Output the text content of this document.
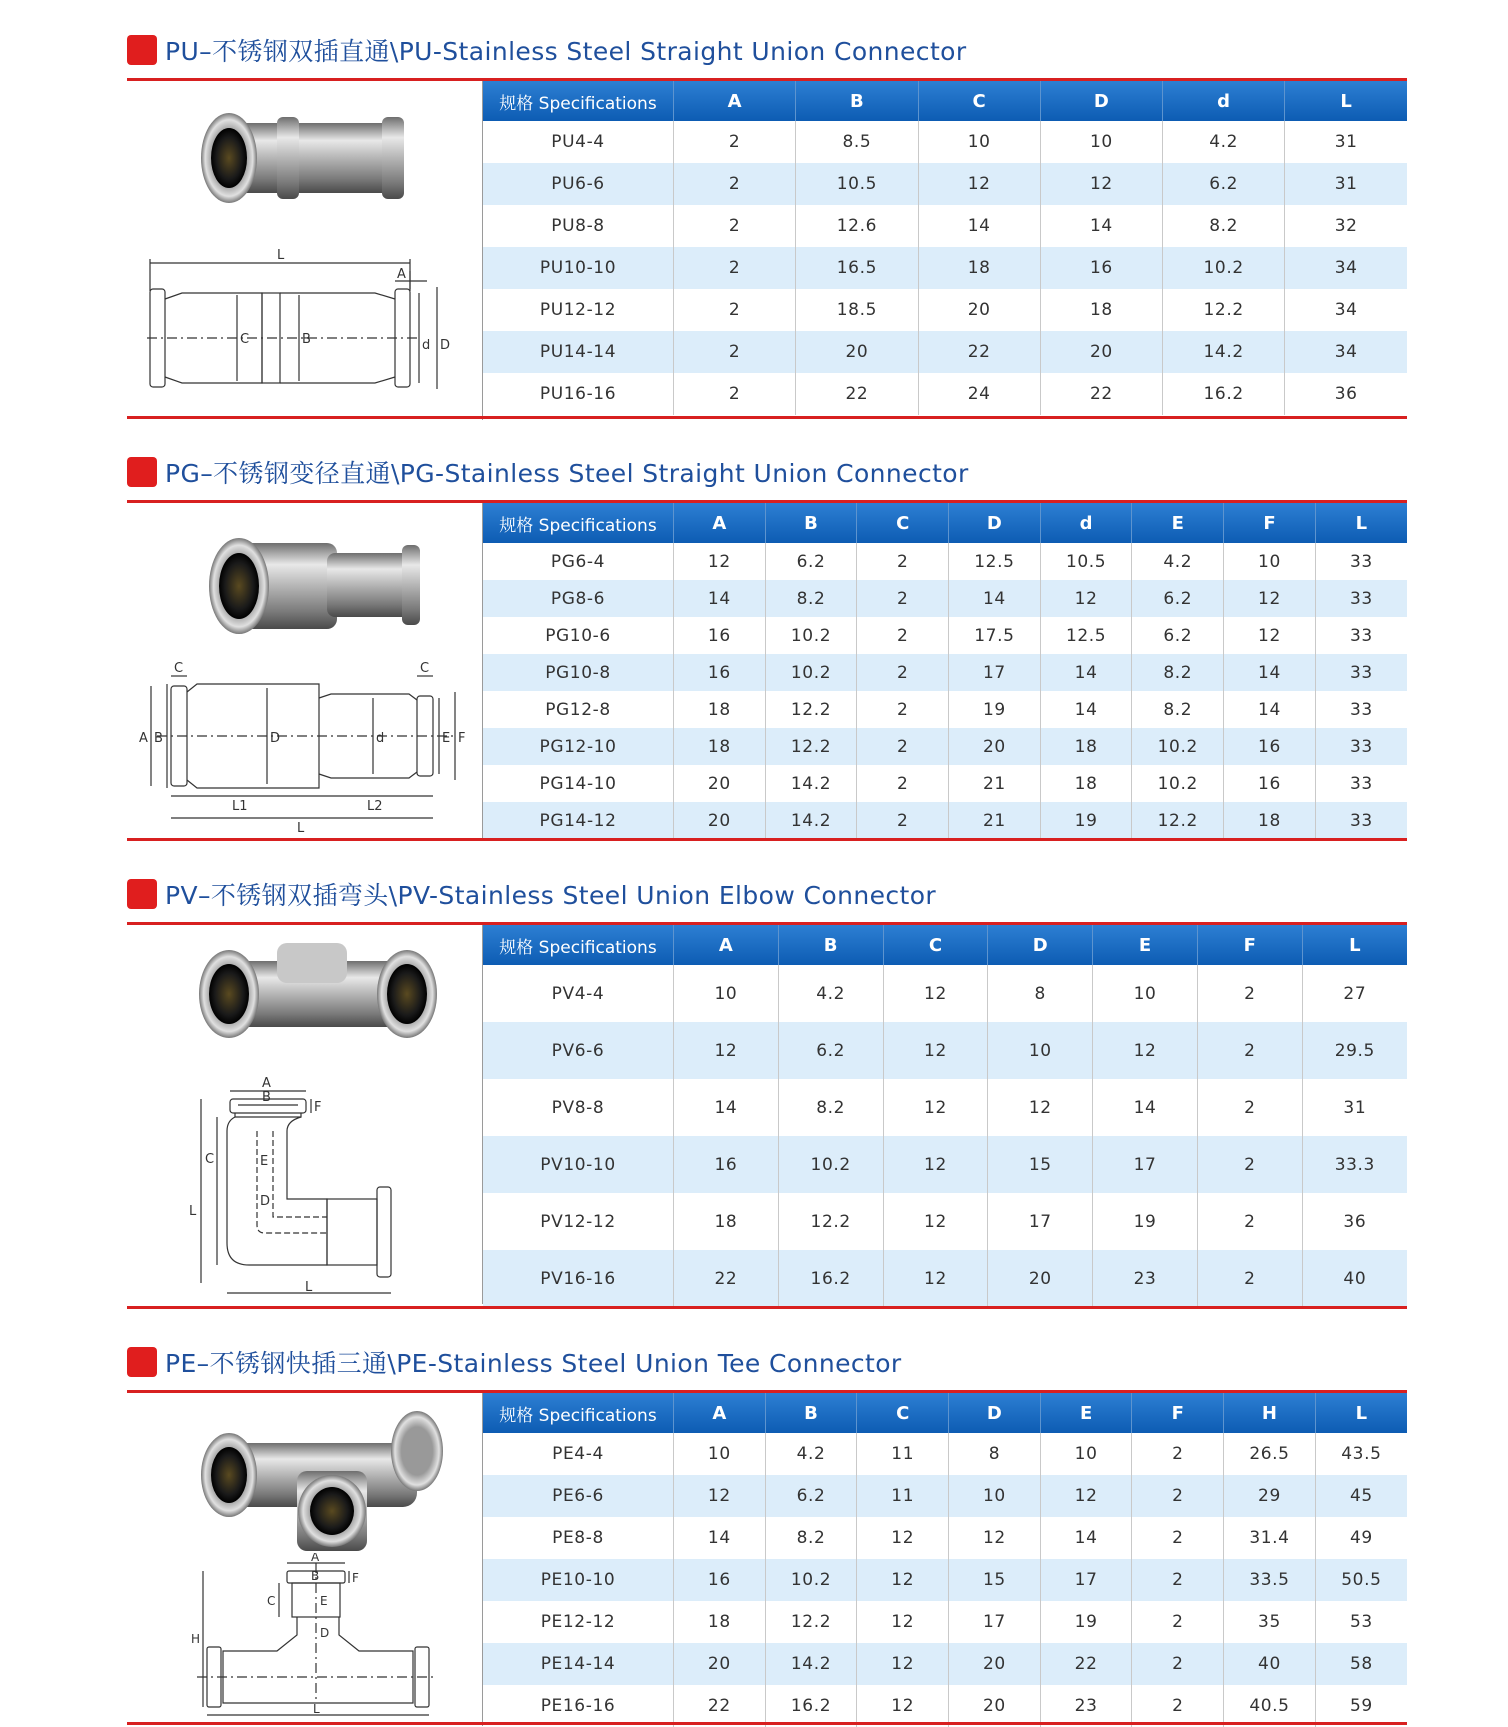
PU–不锈钢双插直通\PU-Stainless Steel Straight Union Connector
L
A
C	B	d D
规格 Specifications	A	B	C	D	d	L
PU4-4	2	8.5	10	10	4.2	31
PU6-6	2	10.5	12	12	6.2	31
PU8-8	2	12.6	14	14	8.2	32
PU10-10	2	16.5	18	16	10.2	34
PU12-12	2	18.5	20	18	12.2	34
PU14-14	2	20	22	20	14.2	34
PU16-16	2	22	24	22	16.2	36
PG–不锈钢变径直通\PG-Stainless Steel Straight Union Connector
C	C
A B	D	d	E F
L1	L2
L
规格 Specifications	A	B	C	D	d	E	F	L
PG6-4	12	6.2	2	12.5	10.5	4.2	10	33
PG8-6	14	8.2	2	14	12	6.2	12	33
PG10-6	16	10.2	2	17.5	12.5	6.2	12	33
PG10-8	16	10.2	2	17	14	8.2	14	33
PG12-8	18	12.2	2	19	14	8.2	14	33
PG12-10	18	12.2	2	20	18	10.2	16	33
PG14-10	20	14.2	2	21	18	10.2	16	33
PG14-12	20	14.2	2	21	19	12.2	18	33
PV–不锈钢双插弯头\PV-Stainless Steel Union Elbow Connector
A
B
F
C	E
D
L
L
规格 Specifications	A	B	C	D	E	F	L
PV4-4	10	4.2	12	8	10	2	27
PV6-6	12	6.2	12	10	12	2	29.5
PV8-8	14	8.2	12	12	14	2	31
PV10-10	16	10.2	12	15	17	2	33.3
PV12-12	18	12.2	12	17	19	2	36
PV16-16	22	16.2	12	20	23	2	40
PE–不锈钢快插三通\PE-Stainless Steel Union Tee Connector
A
B	F
C	E
D
H
L
规格 Specifications	A	B	C	D	E	F	H	L
PE4-4	10	4.2	11	8	10	2	26.5	43.5
PE6-6	12	6.2	11	10	12	2	29	45
PE8-8	14	8.2	12	12	14	2	31.4	49
PE10-10	16	10.2	12	15	17	2	33.5	50.5
PE12-12	18	12.2	12	17	19	2	35	53
PE14-14	20	14.2	12	20	22	2	40	58
PE16-16	22	16.2	12	20	23	2	40.5	59
